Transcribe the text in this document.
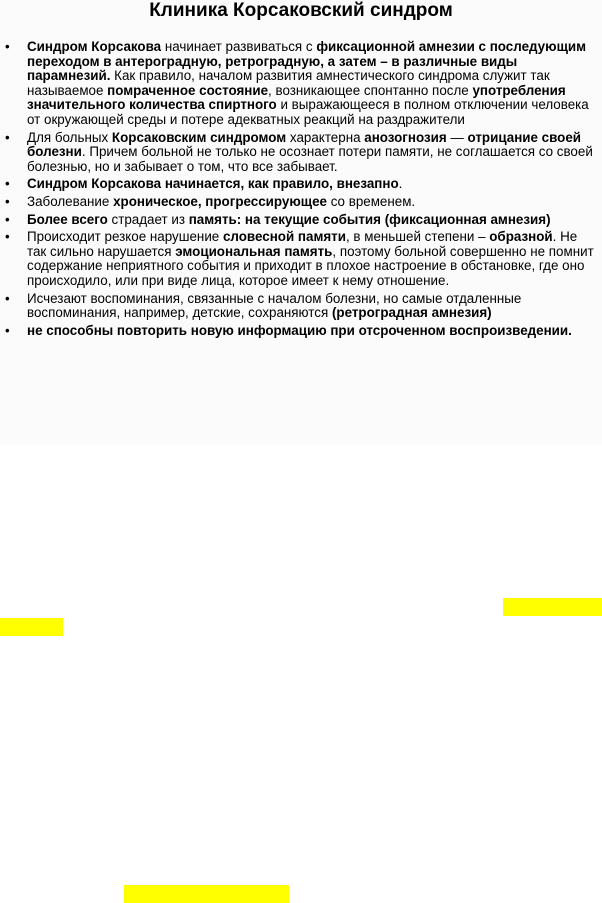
Клиника Корсаковский синдром
• Синдром Корсакова начинает развиваться с фиксационной амнезии с последующим переходом в антероградную, ретроградную, а затем – в различные виды парамнезий. Как правило, началом развития амнестического синдрома служит так называемое помраченное состояние, возникающее спонтанно после употребления значительного количества спиртного и выражающееся в полном отключении человека от окружающей среды и потере адекватных реакций на раздражители
• Для больных Корсаковским синдромом характерна анозогнозия — отрицание своей болезни. Причем больной не только не осознает потери памяти, не соглашается со своей болезнью, но и забывает о том, что все забывает.
• Синдром Корсакова начинается, как правило, внезапно.
• Заболевание хроническое, прогрессирующее со временем.
• Более всего страдает из память: на текущие события (фиксационная амнезия)
• Происходит резкое нарушение словесной памяти, в меньшей степени – образной. Не так сильно нарушается эмоциональная память, поэтому больной совершенно не помнит содержание неприятного события и приходит в плохое настроение в обстановке, где оно происходило, или при виде лица, которое имеет к нему отношение.
• Исчезают воспоминания, связанные с началом болезни, но самые отдаленные воспоминания, например, детские, сохраняются (ретроградная амнезия)
• не способны повторить новую информацию при отсроченном воспроизведении.
